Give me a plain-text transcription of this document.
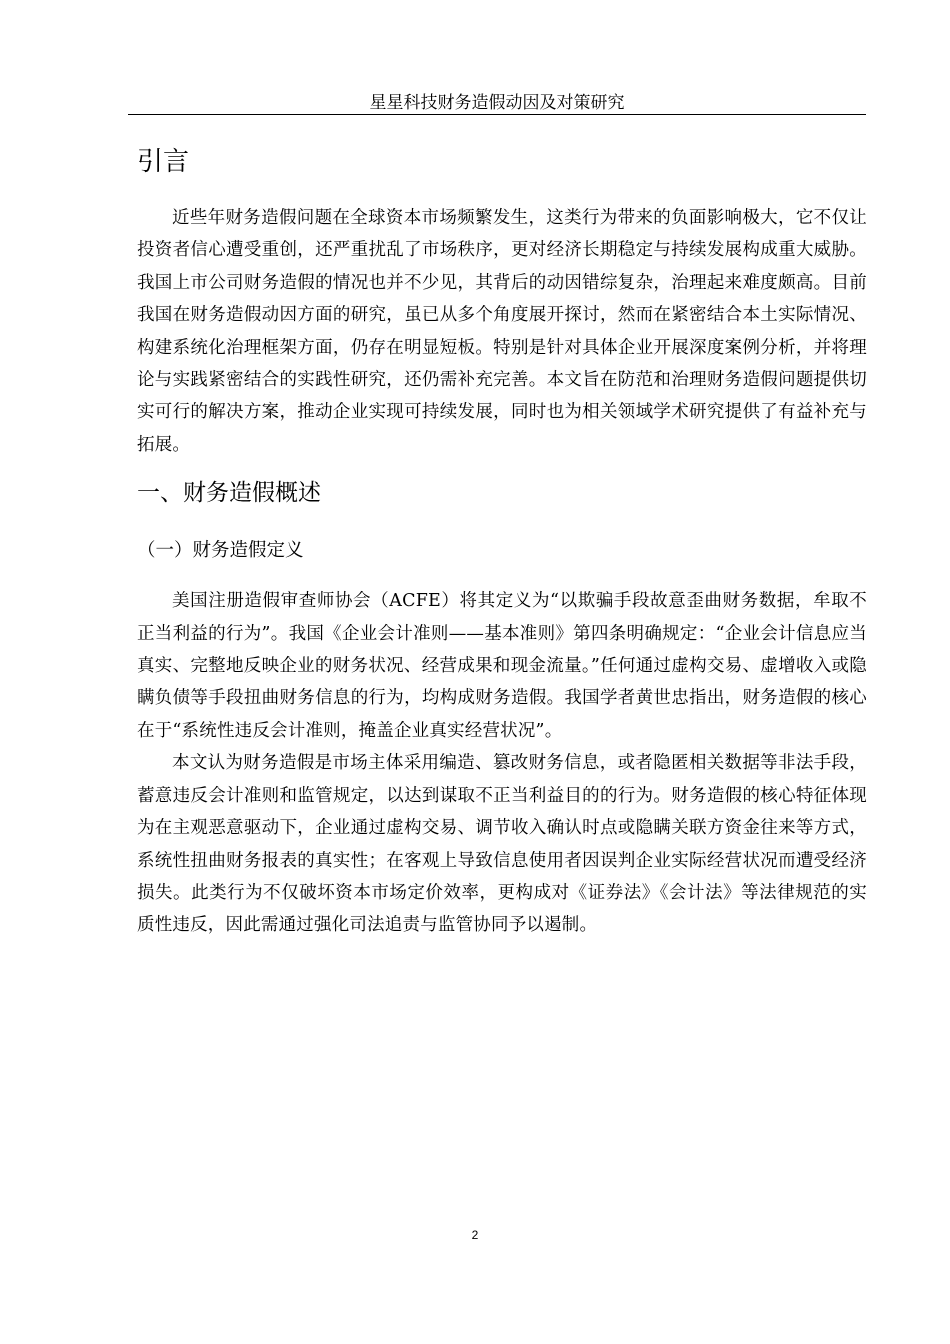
星星科技财务造假动因及对策研究
引言

近些年财务造假问题在全球资本市场频繁发生，这类行为带来的负面影响极大，它不仅让投资者信心遭受重创，还严重扰乱了市场秩序，更对经济长期稳定与持续发展构成重大威胁。我国上市公司财务造假的情况也并不少见，其背后的动因错综复杂，治理起来难度颇高。目前我国在财务造假动因方面的研究，虽已从多个角度展开探讨，然而在紧密结合本土实际情况、构建系统化治理框架方面，仍存在明显短板。特别是针对具体企业开展深度案例分析，并将理论与实践紧密结合的实践性研究，还仍需补充完善。本文旨在防范和治理财务造假问题提供切实可行的解决方案，推动企业实现可持续发展，同时也为相关领域学术研究提供了有益补充与拓展。

一、财务造假概述
（一）财务造假定义

美国注册造假审查师协会（ACFE）将其定义为“以欺骗手段故意歪曲财务数据，牟取不正当利益的行为”。我国《企业会计准则——基本准则》第四条明确规定：“企业会计信息应当真实、完整地反映企业的财务状况、经营成果和现金流量。”任何通过虚构交易、虚增收入或隐瞒负债等手段扭曲财务信息的行为，均构成财务造假。我国学者黄世忠指出，财务造假的核心在于“系统性违反会计准则，掩盖企业真实经营状况”。

本文认为财务造假是市场主体采用编造、篡改财务信息，或者隐匿相关数据等非法手段，蓄意违反会计准则和监管规定，以达到谋取不正当利益目的的行为。财务造假的核心特征体现为在主观恶意驱动下，企业通过虚构交易、调节收入确认时点或隐瞒关联方资金往来等方式，系统性扭曲财务报表的真实性；在客观上导致信息使用者因误判企业实际经营状况而遭受经济损失。此类行为不仅破坏资本市场定价效率，更构成对《证券法》《会计法》等法律规范的实质性违反，因此需通过强化司法追责与监管协同予以遏制。

2
